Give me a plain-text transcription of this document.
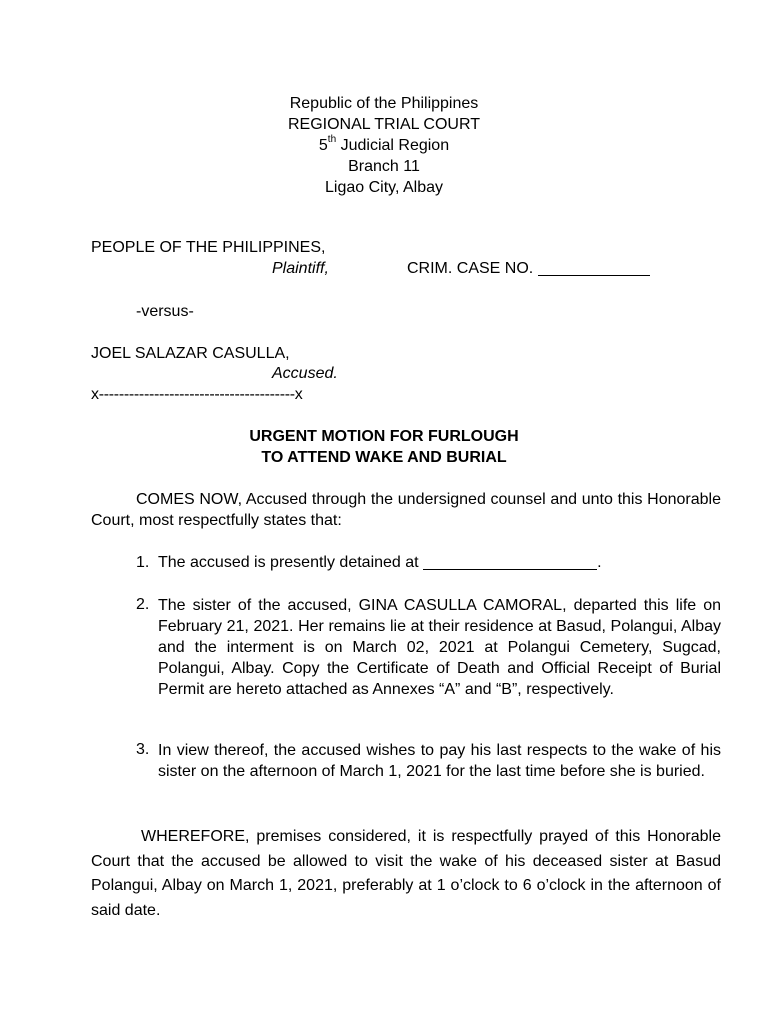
Republic of the Philippines
REGIONAL TRIAL COURT
5th Judicial Region
Branch 11
Ligao City, Albay
PEOPLE OF THE PHILIPPINES,
Plaintiff,	CRIM. CASE NO.
-versus-
JOEL SALAZAR CASULLA,
Accused.
x---------------------------------------x
URGENT MOTION FOR FURLOUGH
TO ATTEND WAKE AND BURIAL
COMES NOW, Accused through the undersigned counsel and unto this Honorable Court, most respectfully states that:
1. The accused is presently detained at	.
2. The sister of the accused, GINA CASULLA CAMORAL, departed this life on February 21, 2021. Her remains lie at their residence at Basud, Polangui, Albay and the interment is on March 02, 2021 at Polangui Cemetery, Sugcad, Polangui, Albay. Copy the Certificate of Death and Official Receipt of Burial Permit are hereto attached as Annexes “A” and “B”, respectively.
3. In view thereof, the accused wishes to pay his last respects to the wake of his sister on the afternoon of March 1, 2021 for the last time before she is buried.
WHEREFORE, premises considered, it is respectfully prayed of this Honorable Court that the accused be allowed to visit the wake of his deceased sister at Basud Polangui, Albay on March 1, 2021, preferably at 1 o’clock to 6 o’clock in the afternoon of said date.
